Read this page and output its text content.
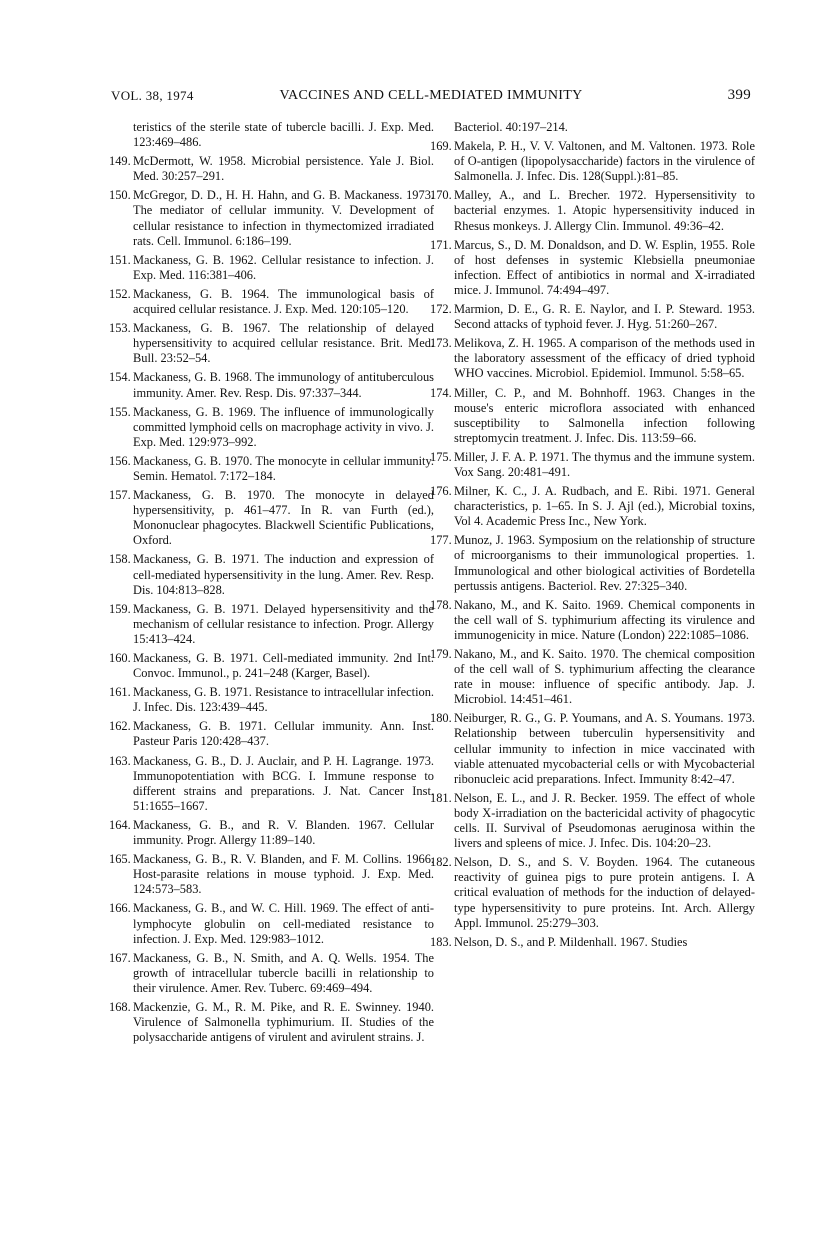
VOL. 38, 1974	VACCINES AND CELL-MEDIATED IMMUNITY	399
teristics of the sterile state of tubercle bacilli. J. Exp. Med. 123:469–486.
149. McDermott, W. 1958. Microbial persistence. Yale J. Biol. Med. 30:257–291.
150. McGregor, D. D., H. H. Hahn, and G. B. Mackaness. 1973. The mediator of cellular immunity. V. Development of cellular resistance to infection in thymectomized irradiated rats. Cell. Immunol. 6:186–199.
151. Mackaness, G. B. 1962. Cellular resistance to infection. J. Exp. Med. 116:381–406.
152. Mackaness, G. B. 1964. The immunological basis of acquired cellular resistance. J. Exp. Med. 120:105–120.
153. Mackaness, G. B. 1967. The relationship of delayed hypersensitivity to acquired cellular resistance. Brit. Med. Bull. 23:52–54.
154. Mackaness, G. B. 1968. The immunology of antituberculous immunity. Amer. Rev. Resp. Dis. 97:337–344.
155. Mackaness, G. B. 1969. The influence of immunologically committed lymphoid cells on macrophage activity in vivo. J. Exp. Med. 129:973–992.
156. Mackaness, G. B. 1970. The monocyte in cellular immunity. Semin. Hematol. 7:172–184.
157. Mackaness, G. B. 1970. The monocyte in delayed hypersensitivity, p. 461–477. In R. van Furth (ed.), Mononuclear phagocytes. Blackwell Scientific Publications, Oxford.
158. Mackaness, G. B. 1971. The induction and expression of cell-mediated hypersensitivity in the lung. Amer. Rev. Resp. Dis. 104:813–828.
159. Mackaness, G. B. 1971. Delayed hypersensitivity and the mechanism of cellular resistance to infection. Progr. Allergy 15:413–424.
160. Mackaness, G. B. 1971. Cell-mediated immunity. 2nd Int. Convoc. Immunol., p. 241–248 (Karger, Basel).
161. Mackaness, G. B. 1971. Resistance to intracellular infection. J. Infec. Dis. 123:439–445.
162. Mackaness, G. B. 1971. Cellular immunity. Ann. Inst. Pasteur Paris 120:428–437.
163. Mackaness, G. B., D. J. Auclair, and P. H. Lagrange. 1973. Immunopotentiation with BCG. I. Immune response to different strains and preparations. J. Nat. Cancer Inst. 51:1655–1667.
164. Mackaness, G. B., and R. V. Blanden. 1967. Cellular immunity. Progr. Allergy 11:89–140.
165. Mackaness, G. B., R. V. Blanden, and F. M. Collins. 1966. Host-parasite relations in mouse typhoid. J. Exp. Med. 124:573–583.
166. Mackaness, G. B., and W. C. Hill. 1969. The effect of anti-lymphocyte globulin on cell-mediated resistance to infection. J. Exp. Med. 129:983–1012.
167. Mackaness, G. B., N. Smith, and A. Q. Wells. 1954. The growth of intracellular tubercle bacilli in relationship to their virulence. Amer. Rev. Tuberc. 69:469–494.
168. Mackenzie, G. M., R. M. Pike, and R. E. Swinney. 1940. Virulence of Salmonella typhimurium. II. Studies of the polysaccharide antigens of virulent and avirulent strains. J.
Bacteriol. 40:197–214.
169. Makela, P. H., V. V. Valtonen, and M. Valtonen. 1973. Role of O-antigen (lipopolysaccharide) factors in the virulence of Salmonella. J. Infec. Dis. 128(Suppl.):81–85.
170. Malley, A., and L. Brecher. 1972. Hypersensitivity to bacterial enzymes. 1. Atopic hypersensitivity induced in Rhesus monkeys. J. Allergy Clin. Immunol. 49:36–42.
171. Marcus, S., D. M. Donaldson, and D. W. Esplin, 1955. Role of host defenses in systemic Klebsiella pneumoniae infection. Effect of antibiotics in normal and X-irradiated mice. J. Immunol. 74:494–497.
172. Marmion, D. E., G. R. E. Naylor, and I. P. Steward. 1953. Second attacks of typhoid fever. J. Hyg. 51:260–267.
173. Melikova, Z. H. 1965. A comparison of the methods used in the laboratory assessment of the efficacy of dried typhoid WHO vaccines. Microbiol. Epidemiol. Immunol. 5:58–65.
174. Miller, C. P., and M. Bohnhoff. 1963. Changes in the mouse's enteric microflora associated with enhanced susceptibility to Salmonella infection following streptomycin treatment. J. Infec. Dis. 113:59–66.
175. Miller, J. F. A. P. 1971. The thymus and the immune system. Vox Sang. 20:481–491.
176. Milner, K. C., J. A. Rudbach, and E. Ribi. 1971. General characteristics, p. 1–65. In S. J. Ajl (ed.), Microbial toxins, Vol 4. Academic Press Inc., New York.
177. Munoz, J. 1963. Symposium on the relationship of structure of microorganisms to their immunological properties. 1. Immunological and other biological activities of Bordetella pertussis antigens. Bacteriol. Rev. 27:325–340.
178. Nakano, M., and K. Saito. 1969. Chemical components in the cell wall of S. typhimurium affecting its virulence and immunogenicity in mice. Nature (London) 222:1085–1086.
179. Nakano, M., and K. Saito. 1970. The chemical composition of the cell wall of S. typhimurium affecting the clearance rate in mouse: influence of specific antibody. Jap. J. Microbiol. 14:451–461.
180. Neiburger, R. G., G. P. Youmans, and A. S. Youmans. 1973. Relationship between tuberculin hypersensitivity and cellular immunity to infection in mice vaccinated with viable attenuated mycobacterial cells or with Mycobacterial ribonucleic acid preparations. Infect. Immunity 8:42–47.
181. Nelson, E. L., and J. R. Becker. 1959. The effect of whole body X-irradiation on the bactericidal activity of phagocytic cells. II. Survival of Pseudomonas aeruginosa within the livers and spleens of mice. J. Infec. Dis. 104:20–23.
182. Nelson, D. S., and S. V. Boyden. 1964. The cutaneous reactivity of guinea pigs to pure protein antigens. I. A critical evaluation of methods for the induction of delayed-type hypersensitivity to pure proteins. Int. Arch. Allergy Appl. Immunol. 25:279–303.
183. Nelson, D. S., and P. Mildenhall. 1967. Studies
